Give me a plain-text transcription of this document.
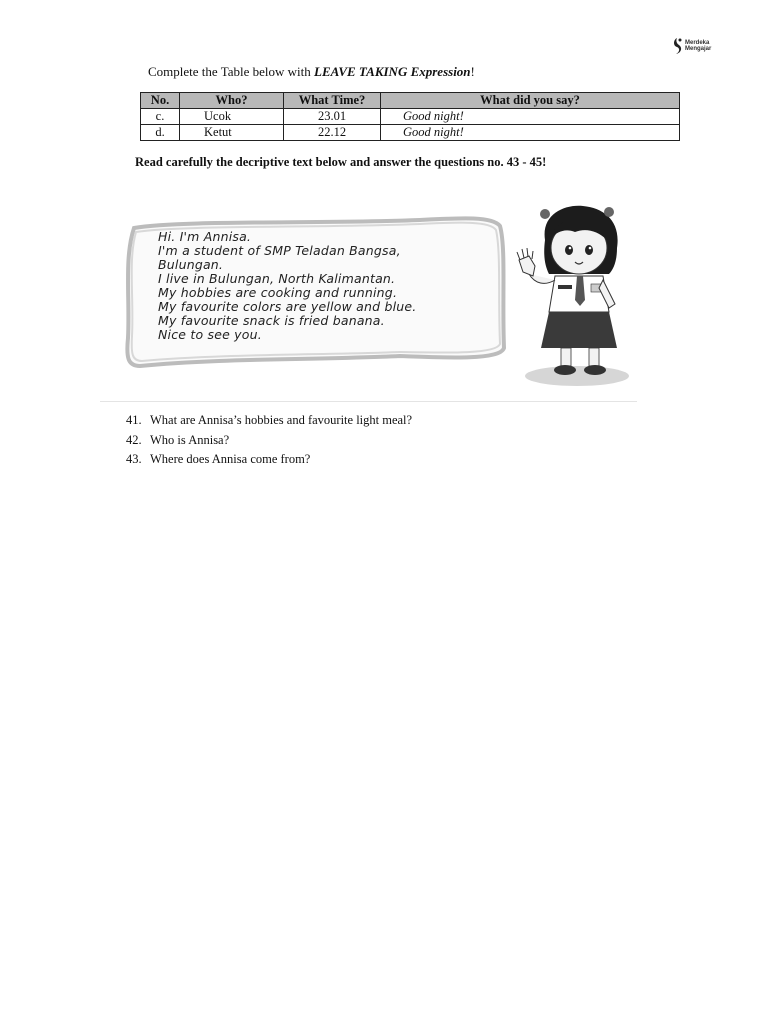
Merdeka
Mengajar
Complete the Table below with LEAVE TAKING Expression!
No.	Who?	What Time?	What did you say?
c.	Ucok	23.01	Good night!
d.	Ketut	22.12	Good night!
Read carefully the decriptive text below and answer the questions no. 43 - 45!
Hi. I'm Annisa.
I'm a student of SMP Teladan Bangsa,
Bulungan.
I live in Bulungan, North Kalimantan.
My hobbies are cooking and running.
My favourite colors are yellow and blue.
My favourite snack is fried banana.
Nice to see you.
41. What are Annisa’s hobbies and favourite light meal?
42. Who is Annisa?
43. Where does Annisa come from?
